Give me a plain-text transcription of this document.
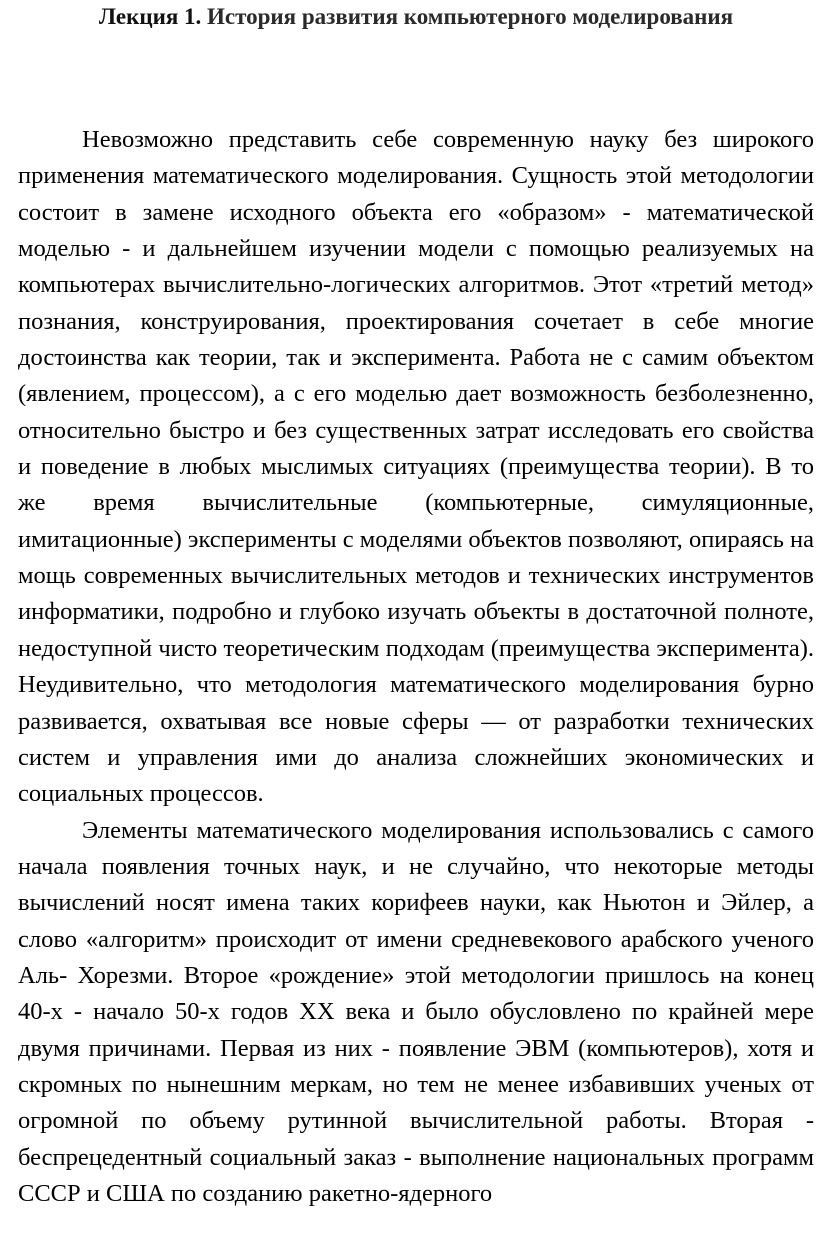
Лекция 1. История развития компьютерного моделирования

Невозможно представить себе современную науку без широкого применения математического моделирования. Сущность этой методологии состоит в замене исходного объекта его «образом» - математической моделью - и дальнейшем изучении модели с помощью реализуемых на компьютерах вычислительно-логических алгоритмов. Этот «третий метод» познания, конструирования, проектирования сочетает в себе многие достоинства как теории, так и эксперимента. Работа не с самим объектом (явлением, процессом), а с его моделью дает возможность безболезненно, относительно быстро и без существенных затрат исследовать его свойства и поведение в любых мыслимых ситуациях (преимущества теории). В то же время вычислительные (компьютерные, симуляционные, имитационные) эксперименты с моделями объектов позволяют, опираясь на мощь современных вычислительных методов и технических инструментов информатики, подробно и глубоко изучать объекты в достаточной полноте, недоступной чисто теоретическим подходам (преимущества эксперимента). Неудивительно, что методология математического моделирования бурно развивается, охватывая все новые сферы — от разработки технических систем и управления ими до анализа сложнейших экономических и социальных процессов.

Элементы математического моделирования использовались с самого начала появления точных наук, и не случайно, что некоторые методы вычислений носят имена таких корифеев науки, как Ньютон и Эйлер, а слово «алгоритм» происходит от имени средневекового арабского ученого Аль- Хорезми. Второе «рождение» этой методологии пришлось на конец 40-х - начало 50-х годов XX века и было обусловлено по крайней мере двумя причинами. Первая из них - появление ЭВМ (компьютеров), хотя и скромных по нынешним меркам, но тем не менее избавивших ученых от огромной по объему рутинной вычислительной работы. Вторая - беспрецедентный социальный заказ - выполнение национальных программ СССР и США по созданию ракетно-ядерного
